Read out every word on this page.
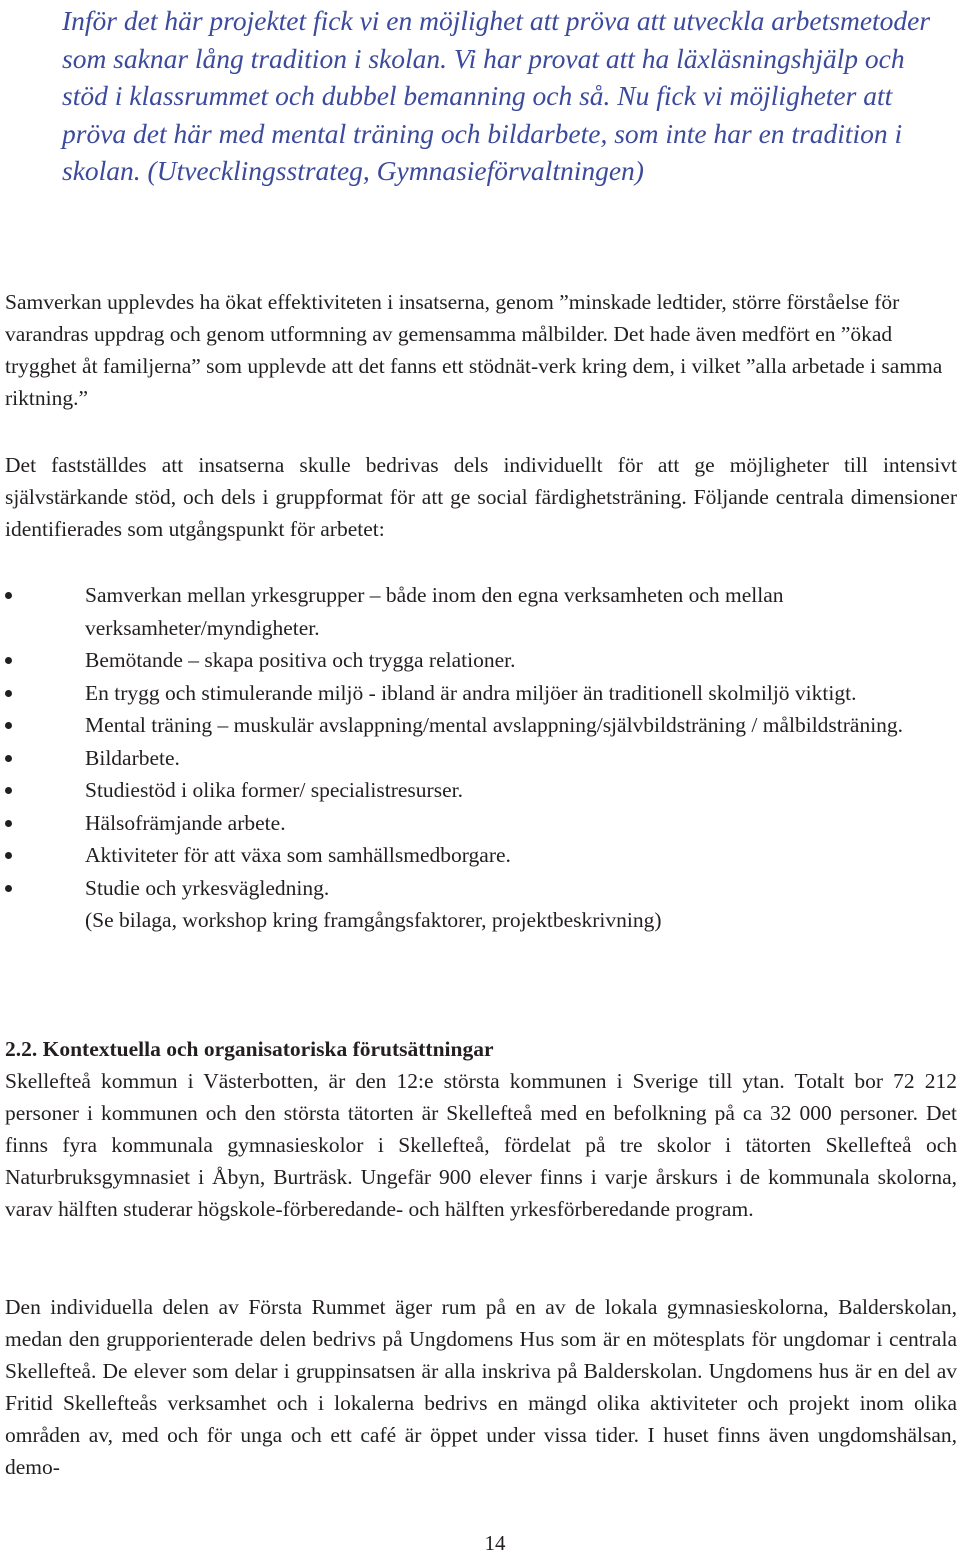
Inför det här projektet fick vi en möjlighet att pröva att utveckla arbetsmetoder som saknar lång tradition i skolan. Vi har provat att ha läxläsningshjälp och stöd i klassrummet och dubbel bemanning och så. Nu fick vi möjligheter att pröva det här med mental träning och bildarbete, som inte har en tradition i skolan. (Utvecklingsstrateg, Gymnasieförvaltningen)

Samverkan upplevdes ha ökat effektiviteten i insatserna, genom ”minskade ledtider, större förståelse för varandras uppdrag och genom utformning av gemensamma målbilder. Det hade även medfört en ”ökad trygghet åt familjerna” som upplevde att det fanns ett stödnät-verk kring dem, i vilket ”alla arbetade i samma riktning.”

Det fastställdes att insatserna skulle bedrivas dels individuellt för att ge möjligheter till intensivt självstärkande stöd, och dels i gruppformat för att ge social färdighetsträning. Följande centrala dimensioner identifierades som utgångspunkt för arbetet:

Samverkan mellan yrkesgrupper – både inom den egna verksamheten och mellan verksamheter/myndigheter.
Bemötande – skapa positiva och trygga relationer.
En trygg och stimulerande miljö - ibland är andra miljöer än traditionell skolmiljö viktigt.
Mental träning – muskulär avslappning/mental avslappning/självbildsträning / målbildsträning.
Bildarbete.
Studiestöd i olika former/ specialistresurser.
Hälsofrämjande arbete.
Aktiviteter för att växa som samhällsmedborgare.
Studie och yrkesvägledning.
(Se bilaga, workshop kring framgångsfaktorer, projektbeskrivning)
2.2. Kontextuella och organisatoriska förutsättningar

Skellefteå kommun i Västerbotten, är den 12:e största kommunen i Sverige till ytan. Totalt bor 72 212 personer i kommunen och den största tätorten är Skellefteå med en befolkning på ca 32 000 personer. Det finns fyra kommunala gymnasieskolor i Skellefteå, fördelat på tre skolor i tätorten Skellefteå och Naturbruksgymnasiet i Åbyn, Burträsk. Ungefär 900 elever finns i varje årskurs i de kommunala skolorna, varav hälften studerar högskole-förberedande- och hälften yrkesförberedande program.

Den individuella delen av Första Rummet äger rum på en av de lokala gymnasieskolorna, Balderskolan, medan den grupporienterade delen bedrivs på Ungdomens Hus som är en mötesplats för ungdomar i centrala Skellefteå. De elever som delar i gruppinsatsen är alla inskriva på Balderskolan. Ungdomens hus är en del av Fritid Skellefteås verksamhet och i lokalerna bedrivs en mängd olika aktiviteter och projekt inom olika områden av, med och för unga och ett café är öppet under vissa tider. I huset finns även ungdomshälsan, demo-

14
